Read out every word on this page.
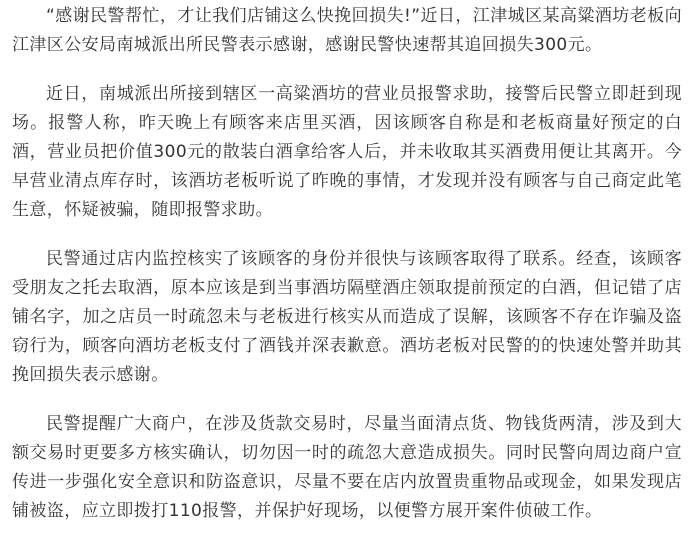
“感谢民警帮忙，才让我们店铺这么快挽回损失!”近日，江津城区某高粱酒坊老板向江津区公安局南城派出所民警表示感谢，感谢民警快速帮其追回损失300元。

近日，南城派出所接到辖区一高粱酒坊的营业员报警求助，接警后民警立即赶到现场。报警人称，昨天晚上有顾客来店里买酒，因该顾客自称是和老板商量好预定的白酒，营业员把价值300元的散装白酒拿给客人后，并未收取其买酒费用便让其离开。今早营业清点库存时，该酒坊老板听说了昨晚的事情，才发现并没有顾客与自己商定此笔生意，怀疑被骗，随即报警求助。

民警通过店内监控核实了该顾客的身份并很快与该顾客取得了联系。经查，该顾客受朋友之托去取酒，原本应该是到当事酒坊隔壁酒庄领取提前预定的白酒，但记错了店铺名字，加之店员一时疏忽未与老板进行核实从而造成了误解，该顾客不存在诈骗及盗窃行为，顾客向酒坊老板支付了酒钱并深表歉意。酒坊老板对民警的的快速处警并助其挽回损失表示感谢。

民警提醒广大商户，在涉及货款交易时，尽量当面清点货、物钱货两清，涉及到大额交易时更要多方核实确认，切勿因一时的疏忽大意造成损失。同时民警向周边商户宣传进一步强化安全意识和防盗意识，尽量不要在店内放置贵重物品或现金，如果发现店铺被盗，应立即拨打110报警，并保护好现场，以便警方展开案件侦破工作。
